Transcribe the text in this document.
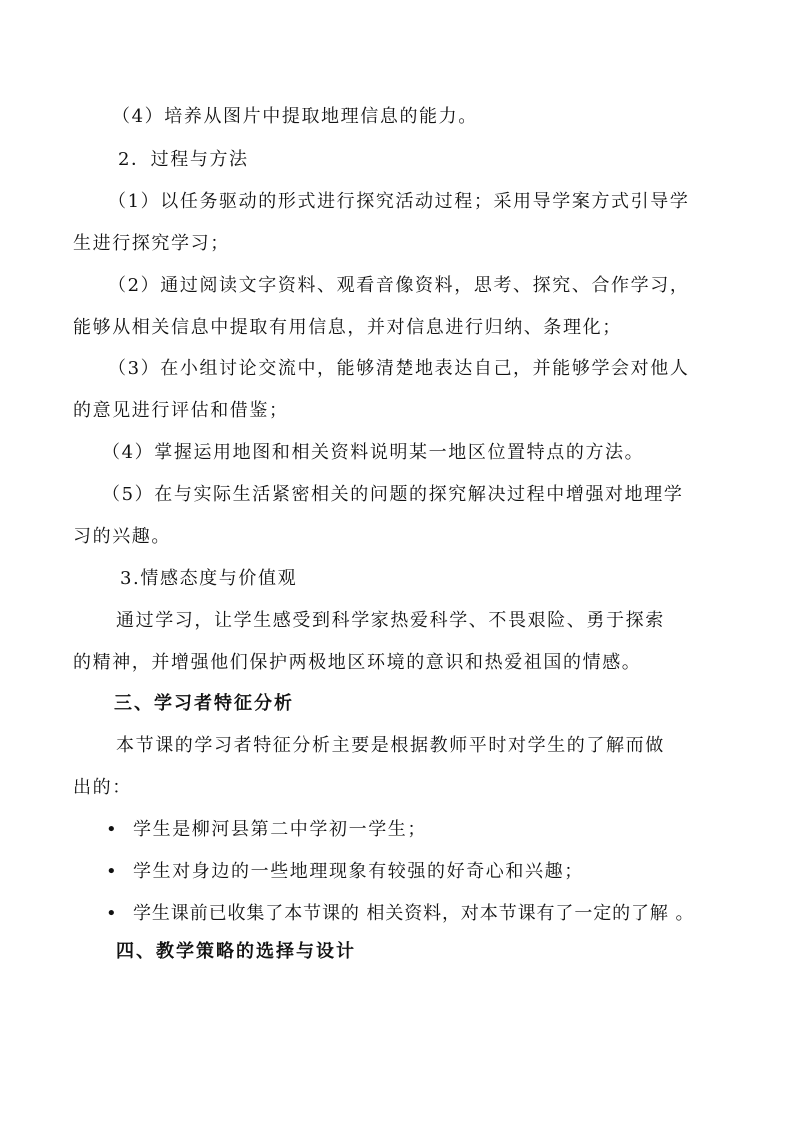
（4）培养从图片中提取地理信息的能力。
2．过程与方法
（1）以任务驱动的形式进行探究活动过程；采用导学案方式引导学
生进行探究学习；
（2）通过阅读文字资料、观看音像资料，思考、探究、合作学习，
能够从相关信息中提取有用信息，并对信息进行归纳、条理化；
（3）在小组讨论交流中，能够清楚地表达自己，并能够学会对他人
的意见进行评估和借鉴；
（4）掌握运用地图和相关资料说明某一地区位置特点的方法。
（5）在与实际生活紧密相关的问题的探究解决过程中增强对地理学
习的兴趣。
3.情感态度与价值观
通过学习，让学生感受到科学家热爱科学、不畏艰险、勇于探索
的精神，并增强他们保护两极地区环境的意识和热爱祖国的情感。
三、学习者特征分析
本节课的学习者特征分析主要是根据教师平时对学生的了解而做
出的：
• 学生是柳河县第二中学初一学生；
• 学生对身边的一些地理现象有较强的好奇心和兴趣；
• 学生课前已收集了本节课的 相关资料，对本节课有了一定的了解 。
四、教学策略的选择与设计
